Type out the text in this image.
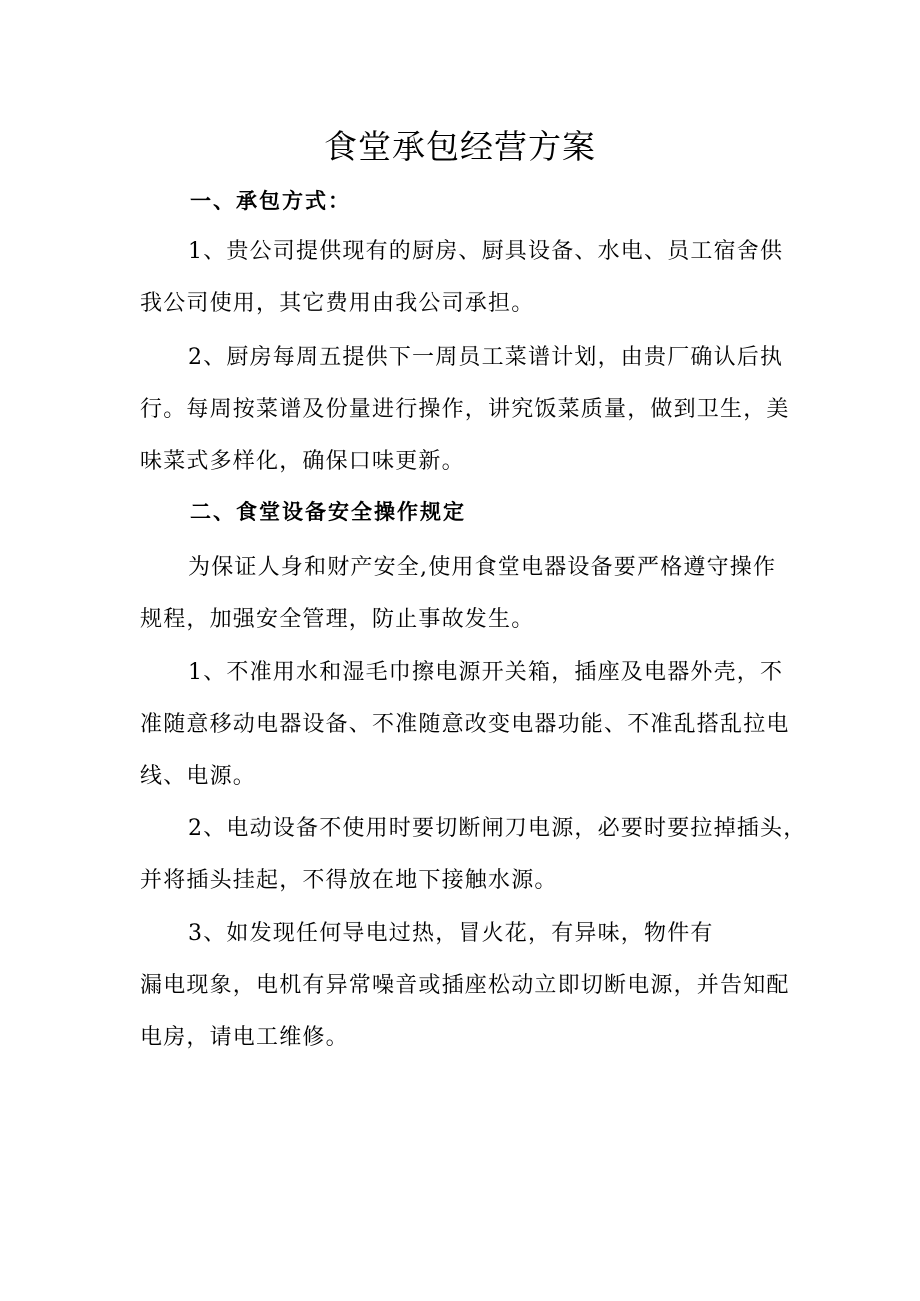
食堂承包经营方案
一、承包方式：

1、贵公司提供现有的厨房、厨具设备、水电、员工宿舍供
我公司使用，其它费用由我公司承担。

2、厨房每周五提供下一周员工菜谱计划，由贵厂确认后执
行。每周按菜谱及份量进行操作，讲究饭菜质量，做到卫生，美
味菜式多样化，确保口味更新。

二、食堂设备安全操作规定

为保证人身和财产安全,使用食堂电器设备要严格遵守操作
规程，加强安全管理，防止事故发生。

1、不准用水和湿毛巾擦电源开关箱，插座及电器外壳，不
准随意移动电器设备、不准随意改变电器功能、不准乱搭乱拉电
线、电源。

2、电动设备不使用时要切断闸刀电源，必要时要拉掉插头，
并将插头挂起，不得放在地下接触水源。

3、如发现任何导电过热，冒火花，有异味，物件有
漏电现象，电机有异常噪音或插座松动立即切断电源，并告知配
电房，请电工维修。
